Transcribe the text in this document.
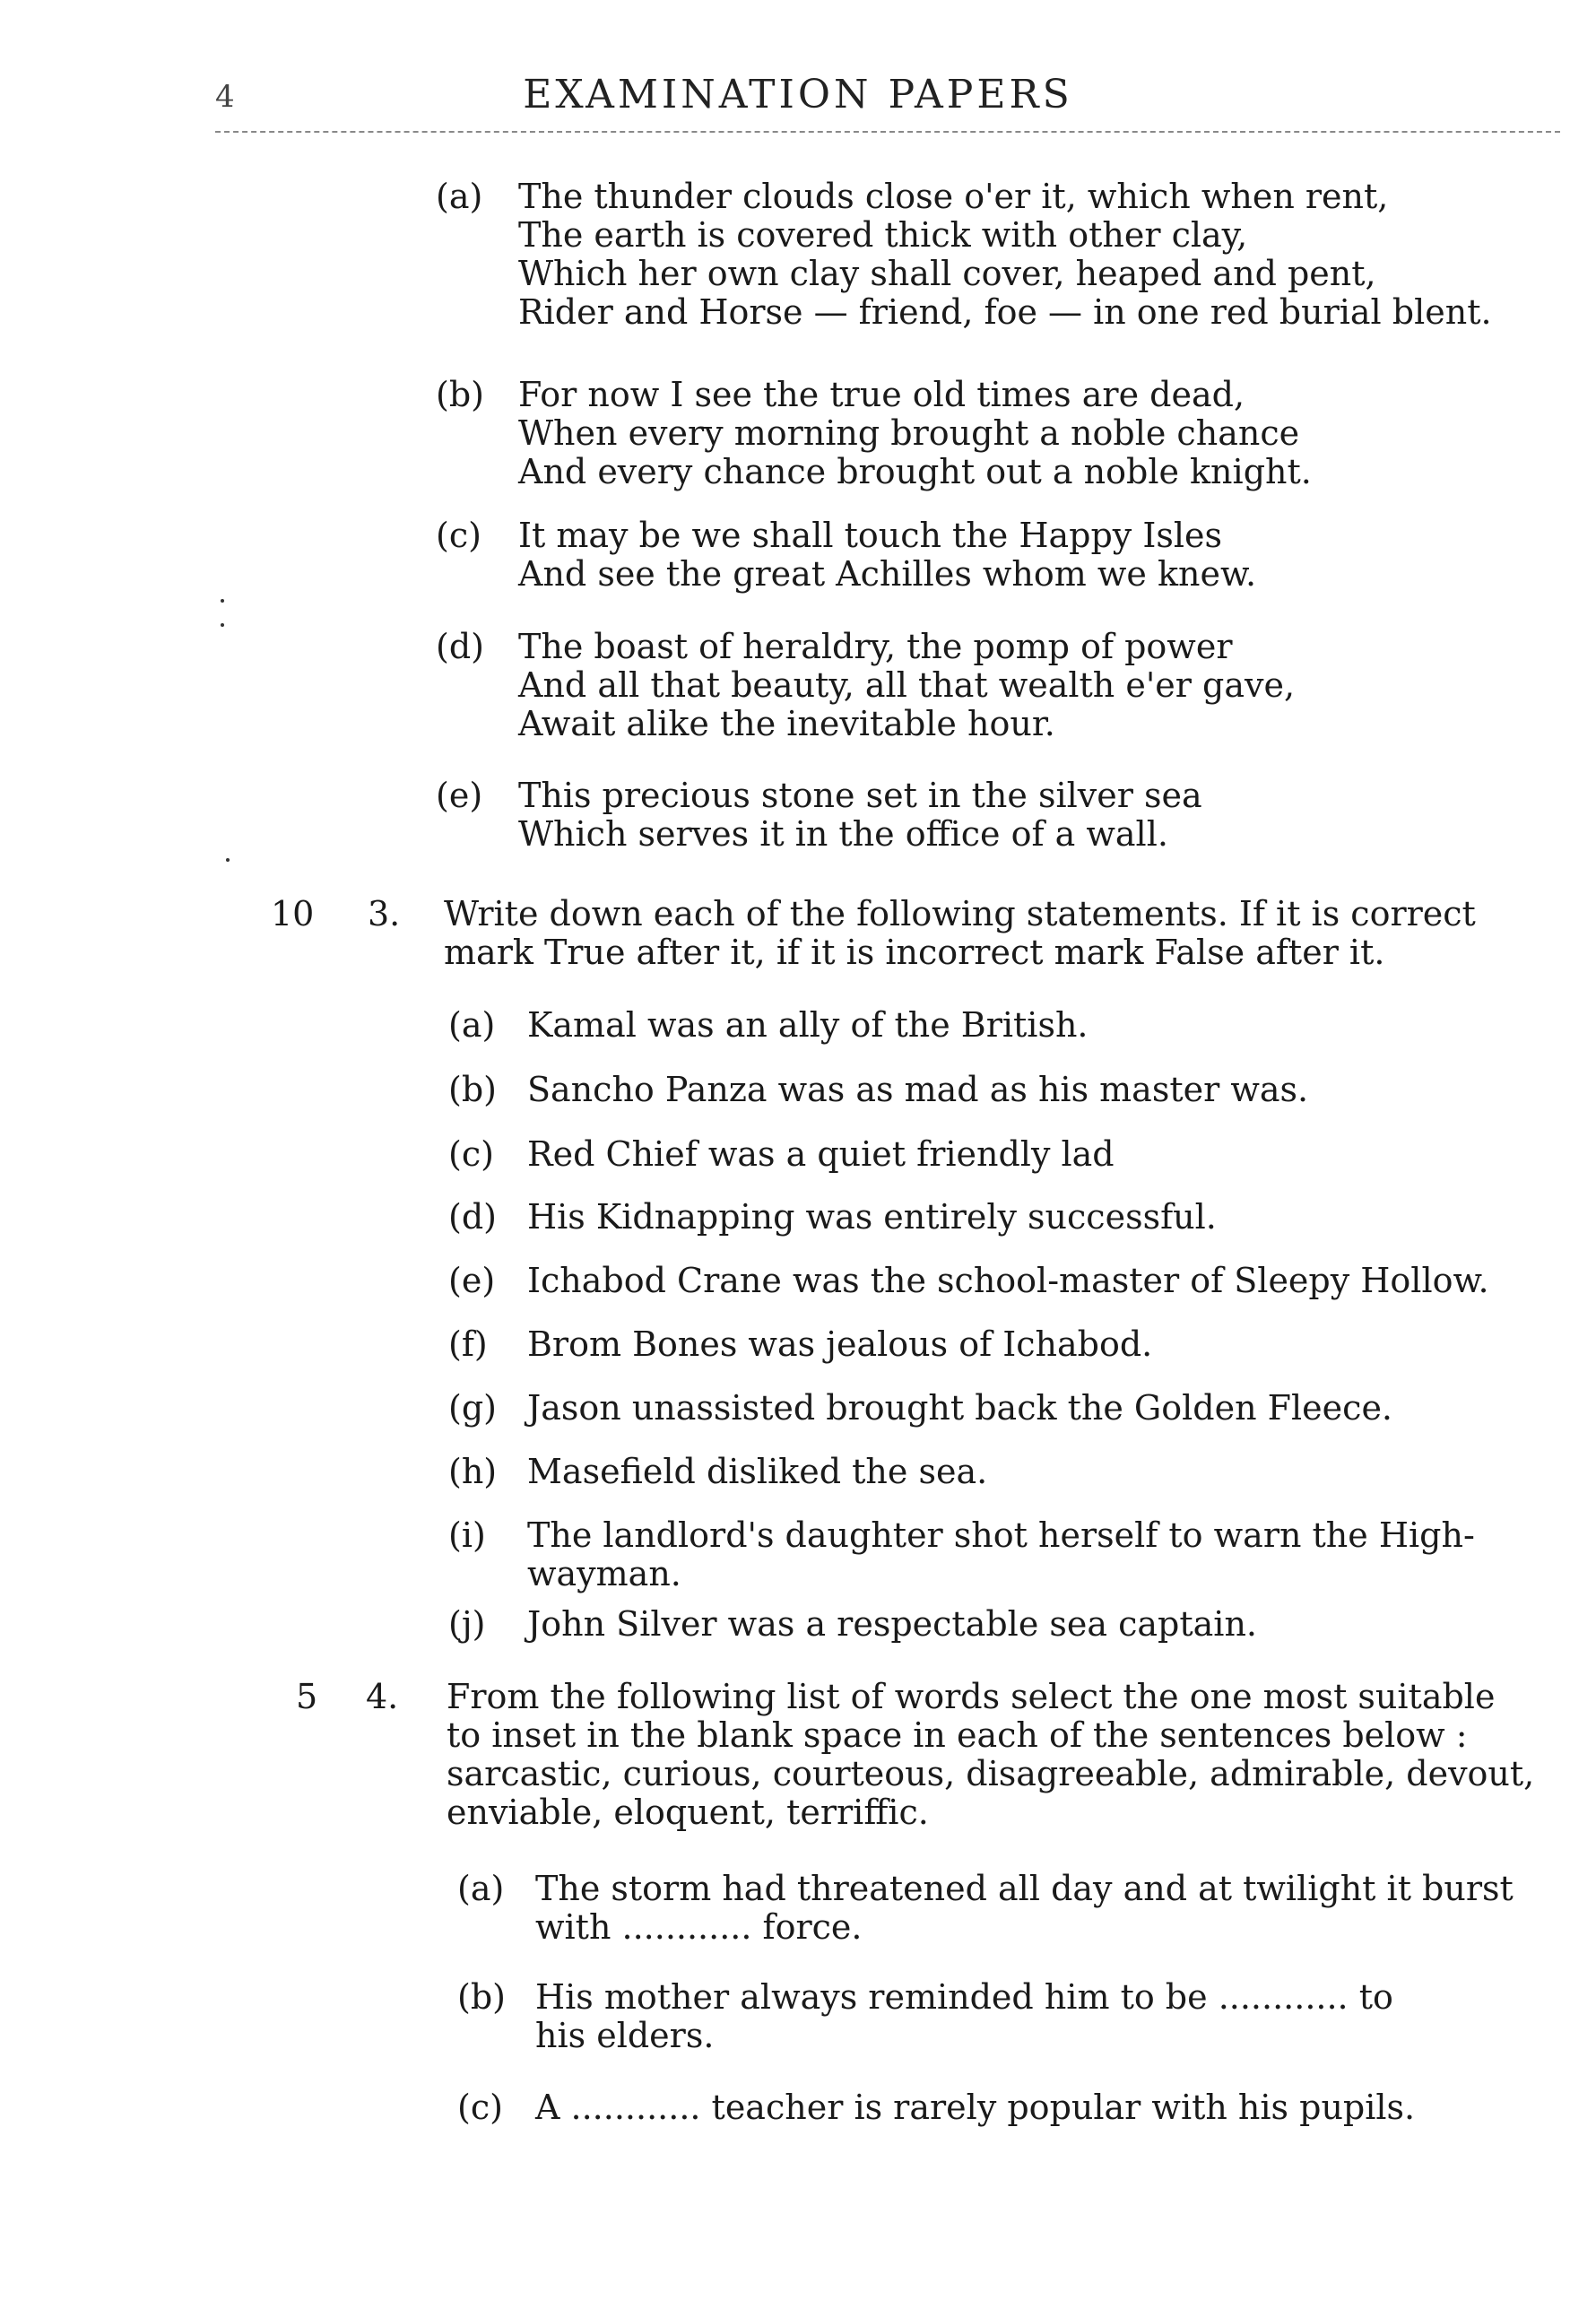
4	EXAMINATION PAPERS
(a) The thunder clouds close o'er it, which when rent,
The earth is covered thick with other clay,
Which her own clay shall cover, heaped and pent,
Rider and Horse — friend, foe — in one red burial blent.
(b) For now I see the true old times are dead,
When every morning brought a noble chance
And every chance brought out a noble knight.
(c) It may be we shall touch the Happy Isles
And see the great Achilles whom we knew.
(d) The boast of heraldry, the pomp of power
And all that beauty, all that wealth e'er gave,
Await alike the inevitable hour.
(e) This precious stone set in the silver sea
Which serves it in the office of a wall.
10 3. Write down each of the following statements. If it is correct
mark True after it, if it is incorrect mark False after it.
(a) Kamal was an ally of the British.
(b) Sancho Panza was as mad as his master was.
(c) Red Chief was a quiet friendly lad
(d) His Kidnapping was entirely successful.
(e) Ichabod Crane was the school-master of Sleepy Hollow.
(f) Brom Bones was jealous of Ichabod.
(g) Jason unassisted brought back the Golden Fleece.
(h) Masefield disliked the sea.
(i) The landlord's daughter shot herself to warn the High-
wayman.
(j) John Silver was a respectable sea captain.
5 4. From the following list of words select the one most suitable
to inset in the blank space in each of the sentences below :
sarcastic, curious, courteous, disagreeable, admirable, devout,
enviable, eloquent, terriffic.
(a) The storm had threatened all day and at twilight it burst
with ............ force.
(b) His mother always reminded him to be ............ to
his elders.
(c) A ............ teacher is rarely popular with his pupils.
